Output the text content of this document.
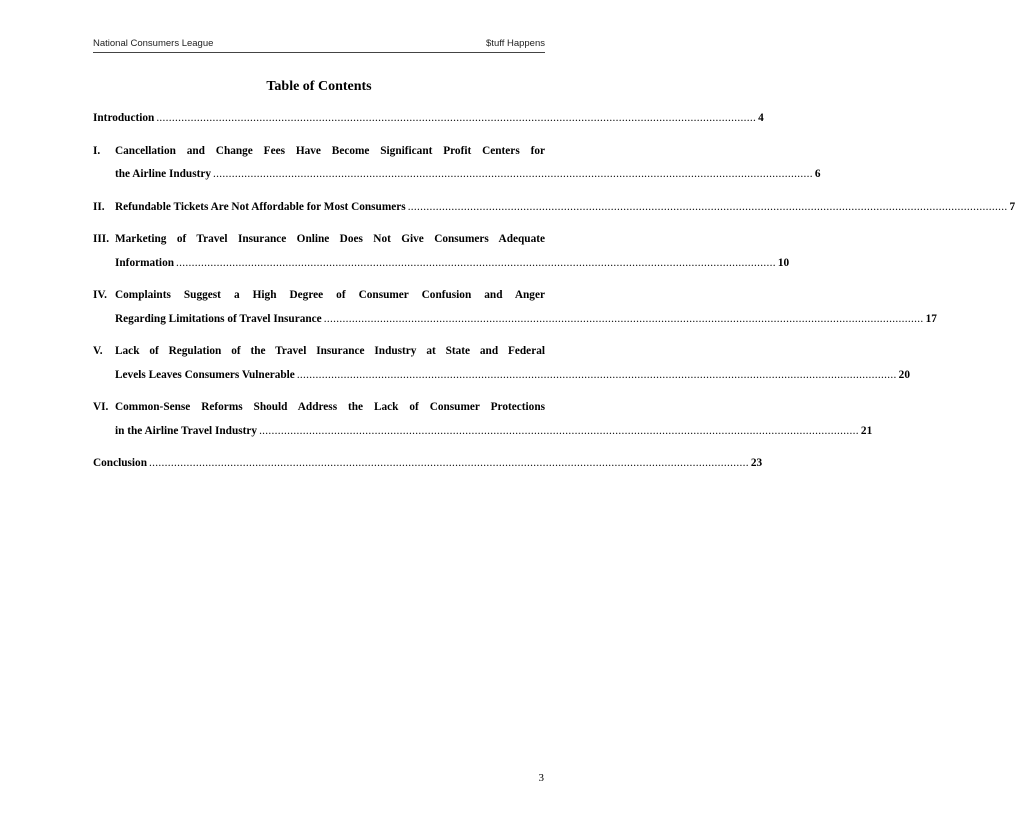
National Consumers League	$tuff Happens
Table of Contents
Introduction ................................................................................................................................................................................................ 4
I.	Cancellation and Change Fees Have Become Significant Profit Centers for
the Airline Industry ................................................................................................................................................................................................ 6
II. Refundable Tickets Are Not Affordable for Most Consumers ................................................................................................................................................................................................ 7
III. Marketing of Travel Insurance Online Does Not Give Consumers Adequate
Information ................................................................................................................................................................................................ 10
IV. Complaints Suggest a High Degree of Consumer Confusion and Anger
Regarding Limitations of Travel Insurance ................................................................................................................................................................................................ 17
V.	Lack of Regulation of the Travel Insurance Industry at State and Federal
Levels Leaves Consumers Vulnerable ................................................................................................................................................................................................ 20
VI. Common-Sense Reforms Should Address the Lack of Consumer Protections
in the Airline Travel Industry ................................................................................................................................................................................................ 21
Conclusion ................................................................................................................................................................................................ 23
3
